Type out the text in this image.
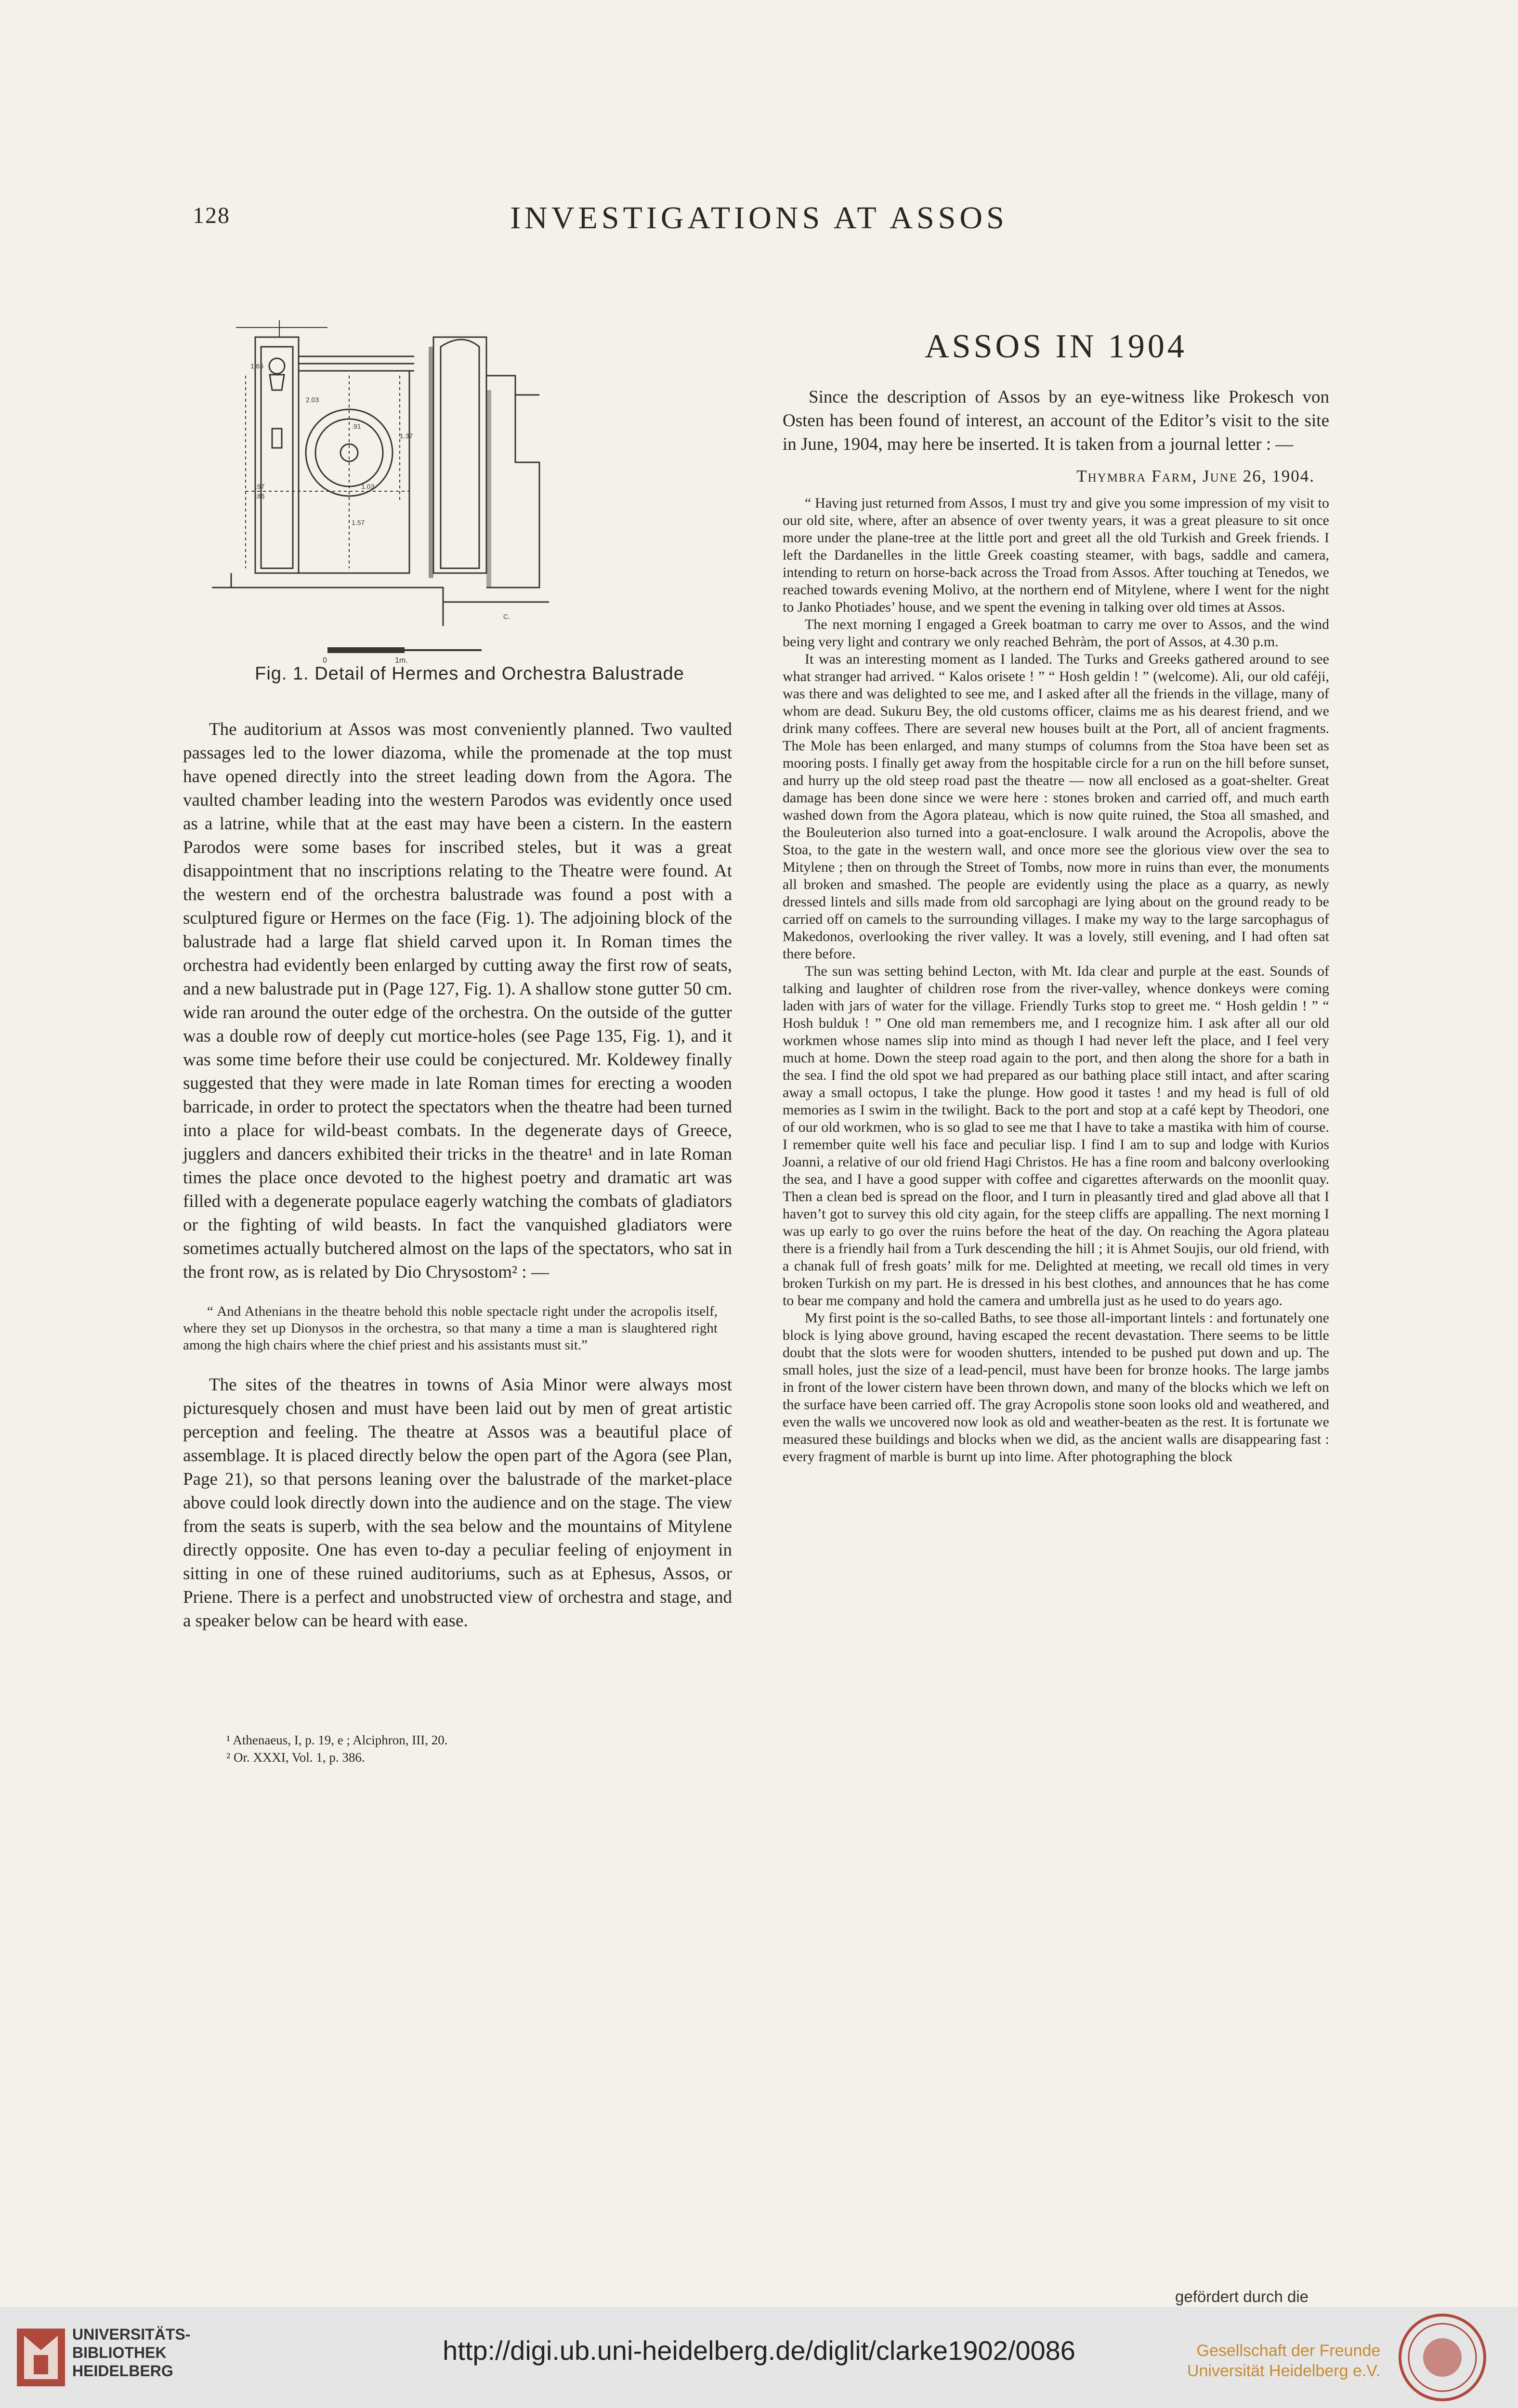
128	INVESTIGATIONS AT ASSOS
1.65
1.37
2.03
.91
1.03
.86
.97
1.57
C.
0	1m.
Fig. 1. Detail of Hermes and Orchestra Balustrade

The auditorium at Assos was most conveniently planned. Two vaulted passages led to the lower diazoma, while the promenade at the top must have opened directly into the street leading down from the Agora. The vaulted chamber leading into the western Parodos was evidently once used as a latrine, while that at the east may have been a cistern. In the eastern Parodos were some bases for inscribed steles, but it was a great disappointment that no inscriptions relating to the Theatre were found. At the western end of the orchestra balustrade was found a post with a sculptured figure or Hermes on the face (Fig. 1). The adjoining block of the balustrade had a large flat shield carved upon it. In Roman times the orchestra had evidently been enlarged by cutting away the first row of seats, and a new balustrade put in (Page 127, Fig. 1). A shallow stone gutter 50 cm. wide ran around the outer edge of the orchestra. On the outside of the gutter was a double row of deeply cut mortice-holes (see Page 135, Fig. 1), and it was some time before their use could be conjectured. Mr. Koldewey finally suggested that they were made in late Roman times for erecting a wooden barricade, in order to protect the spectators when the theatre had been turned into a place for wild-beast combats. In the degenerate days of Greece, jugglers and dancers exhibited their tricks in the theatre¹ and in late Roman times the place once devoted to the highest poetry and dramatic art was filled with a degenerate populace eagerly watching the combats of gladiators or the fighting of wild beasts. In fact the vanquished gladiators were sometimes actually butchered almost on the laps of the spectators, who sat in the front row, as is related by Dio Chrysostom² : —

“ And Athenians in the theatre behold this noble spectacle right under the acropolis itself, where they set up Dionysos in the orchestra, so that many a time a man is slaughtered right among the high chairs where the chief priest and his assistants must sit.”

The sites of the theatres in towns of Asia Minor were always most picturesquely chosen and must have been laid out by men of great artistic perception and feeling. The theatre at Assos was a beautiful place of assemblage. It is placed directly below the open part of the Agora (see Plan, Page 21), so that persons leaning over the balustrade of the market-place above could look directly down into the audience and on the stage. The view from the seats is superb, with the sea below and the mountains of Mitylene directly opposite. One has even to-day a peculiar feeling of enjoyment in sitting in one of these ruined auditoriums, such as at Ephesus, Assos, or Priene. There is a perfect and unobstructed view of orchestra and stage, and a speaker below can be heard with ease.

¹ Athenaeus, I, p. 19, e ; Alciphron, III, 20.
² Or. XXXI, Vol. 1, p. 386.
ASSOS IN 1904

Since the description of Assos by an eye-witness like Prokesch von Osten has been found of interest, an account of the Editor’s visit to the site in June, 1904, may here be inserted. It is taken from a journal letter : —

Thymbra Farm, June 26, 1904.

“ Having just returned from Assos, I must try and give you some impression of my visit to our old site, where, after an absence of over twenty years, it was a great pleasure to sit once more under the plane-tree at the little port and greet all the old Turkish and Greek friends. I left the Dardanelles in the little Greek coasting steamer, with bags, saddle and camera, intending to return on horse-back across the Troad from Assos. After touching at Tenedos, we reached towards evening Molivo, at the northern end of Mitylene, where I went for the night to Janko Photiades’ house, and we spent the evening in talking over old times at Assos.

The next morning I engaged a Greek boatman to carry me over to Assos, and the wind being very light and contrary we only reached Behràm, the port of Assos, at 4.30 p.m.

It was an interesting moment as I landed. The Turks and Greeks gathered around to see what stranger had arrived. “ Kalos orisete ! ” “ Hosh geldin ! ” (welcome). Ali, our old caféji, was there and was delighted to see me, and I asked after all the friends in the village, many of whom are dead. Sukuru Bey, the old customs officer, claims me as his dearest friend, and we drink many coffees. There are several new houses built at the Port, all of ancient fragments. The Mole has been enlarged, and many stumps of columns from the Stoa have been set as mooring posts. I finally get away from the hospitable circle for a run on the hill before sunset, and hurry up the old steep road past the theatre — now all enclosed as a goat-shelter. Great damage has been done since we were here : stones broken and carried off, and much earth washed down from the Agora plateau, which is now quite ruined, the Stoa all smashed, and the Bouleuterion also turned into a goat-enclosure. I walk around the Acropolis, above the Stoa, to the gate in the western wall, and once more see the glorious view over the sea to Mitylene ; then on through the Street of Tombs, now more in ruins than ever, the monuments all broken and smashed. The people are evidently using the place as a quarry, as newly dressed lintels and sills made from old sarcophagi are lying about on the ground ready to be carried off on camels to the surrounding villages. I make my way to the large sarcophagus of Makedonos, overlooking the river valley. It was a lovely, still evening, and I had often sat there before.

The sun was setting behind Lecton, with Mt. Ida clear and purple at the east. Sounds of talking and laughter of children rose from the river-valley, whence donkeys were coming laden with jars of water for the village. Friendly Turks stop to greet me. “ Hosh geldin ! ” “ Hosh bulduk ! ” One old man remembers me, and I recognize him. I ask after all our old workmen whose names slip into mind as though I had never left the place, and I feel very much at home. Down the steep road again to the port, and then along the shore for a bath in the sea. I find the old spot we had prepared as our bathing place still intact, and after scaring away a small octopus, I take the plunge. How good it tastes ! and my head is full of old memories as I swim in the twilight. Back to the port and stop at a café kept by Theodori, one of our old workmen, who is so glad to see me that I have to take a mastika with him of course. I remember quite well his face and peculiar lisp. I find I am to sup and lodge with Kurios Joanni, a relative of our old friend Hagi Christos. He has a fine room and balcony overlooking the sea, and I have a good supper with coffee and cigarettes afterwards on the moonlit quay. Then a clean bed is spread on the floor, and I turn in pleasantly tired and glad above all that I haven’t got to survey this old city again, for the steep cliffs are appalling. The next morning I was up early to go over the ruins before the heat of the day. On reaching the Agora plateau there is a friendly hail from a Turk descending the hill ; it is Ahmet Soujis, our old friend, with a chanak full of fresh goats’ milk for me. Delighted at meeting, we recall old times in very broken Turkish on my part. He is dressed in his best clothes, and announces that he has come to bear me company and hold the camera and umbrella just as he used to do years ago.

My first point is the so-called Baths, to see those all-important lintels : and fortunately one block is lying above ground, having escaped the recent devastation. There seems to be little doubt that the slots were for wooden shutters, intended to be pushed put down and up. The small holes, just the size of a lead-pencil, must have been for bronze hooks. The large jambs in front of the lower cistern have been thrown down, and many of the blocks which we left on the surface have been carried off. The gray Acropolis stone soon looks old and weathered, and even the walls we uncovered now look as old and weather-beaten as the rest. It is fortunate we measured these buildings and blocks when we did, as the ancient walls are disappearing fast : every fragment of marble is burnt up into lime. After photographing the block

UNIVERSITÄTS-
BIBLIOTHEK
HEIDELBERG
http://digi.ub.uni-heidelberg.de/diglit/clarke1902/0086
gefördert durch die
Gesellschaft der Freunde
Universität Heidelberg e.V.
